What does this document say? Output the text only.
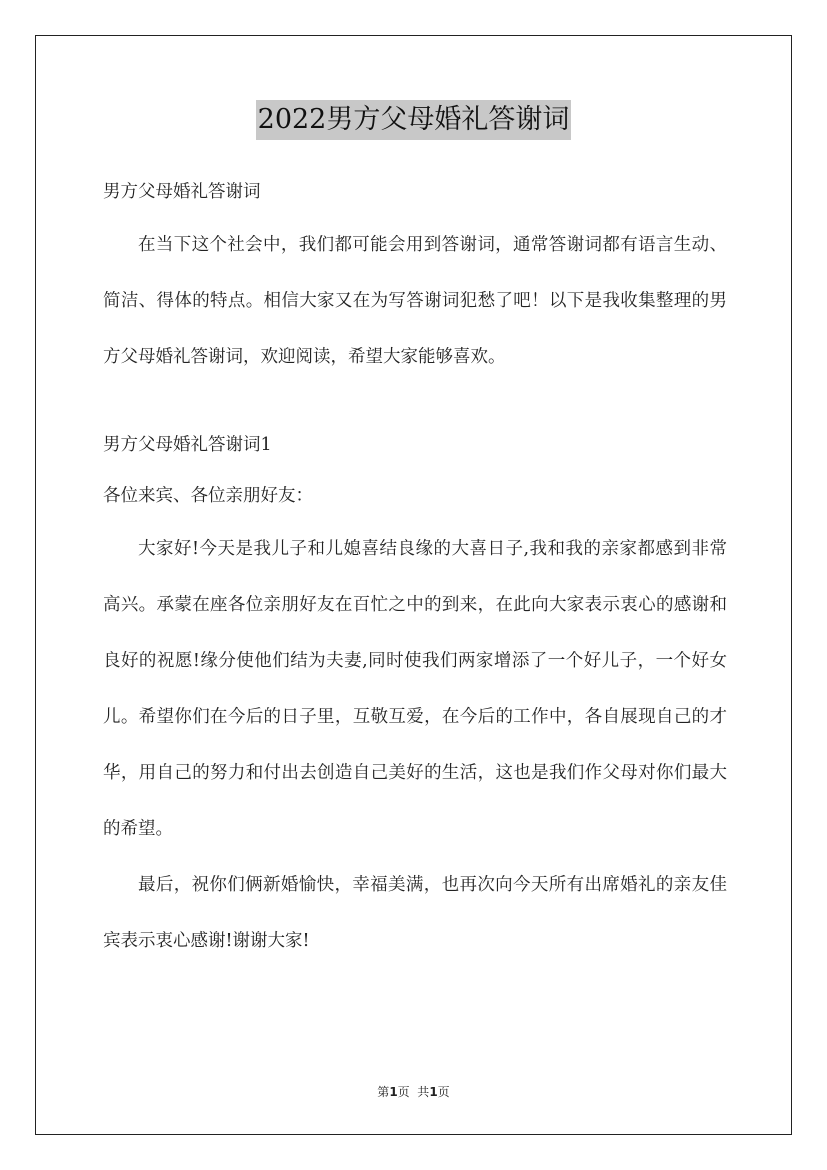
2022男方父母婚礼答谢词

男方父母婚礼答谢词

在当下这个社会中，我们都可能会用到答谢词，通常答谢词都有语言生动、简洁、得体的特点。相信大家又在为写答谢词犯愁了吧！以下是我收集整理的男方父母婚礼答谢词，欢迎阅读，希望大家能够喜欢。

男方父母婚礼答谢词1

各位来宾、各位亲朋好友：

大家好!今天是我儿子和儿媳喜结良缘的大喜日子,我和我的亲家都感到非常高兴。承蒙在座各位亲朋好友在百忙之中的到来，在此向大家表示衷心的感谢和良好的祝愿!缘分使他们结为夫妻,同时使我们两家增添了一个好儿子，一个好女儿。希望你们在今后的日子里，互敬互爱，在今后的工作中，各自展现自己的才华，用自己的努力和付出去创造自己美好的生活，这也是我们作父母对你们最大的希望。

最后，祝你们俩新婚愉快，幸福美满，也再次向今天所有出席婚礼的亲友佳宾表示衷心感谢!谢谢大家!

第1页  共1页
